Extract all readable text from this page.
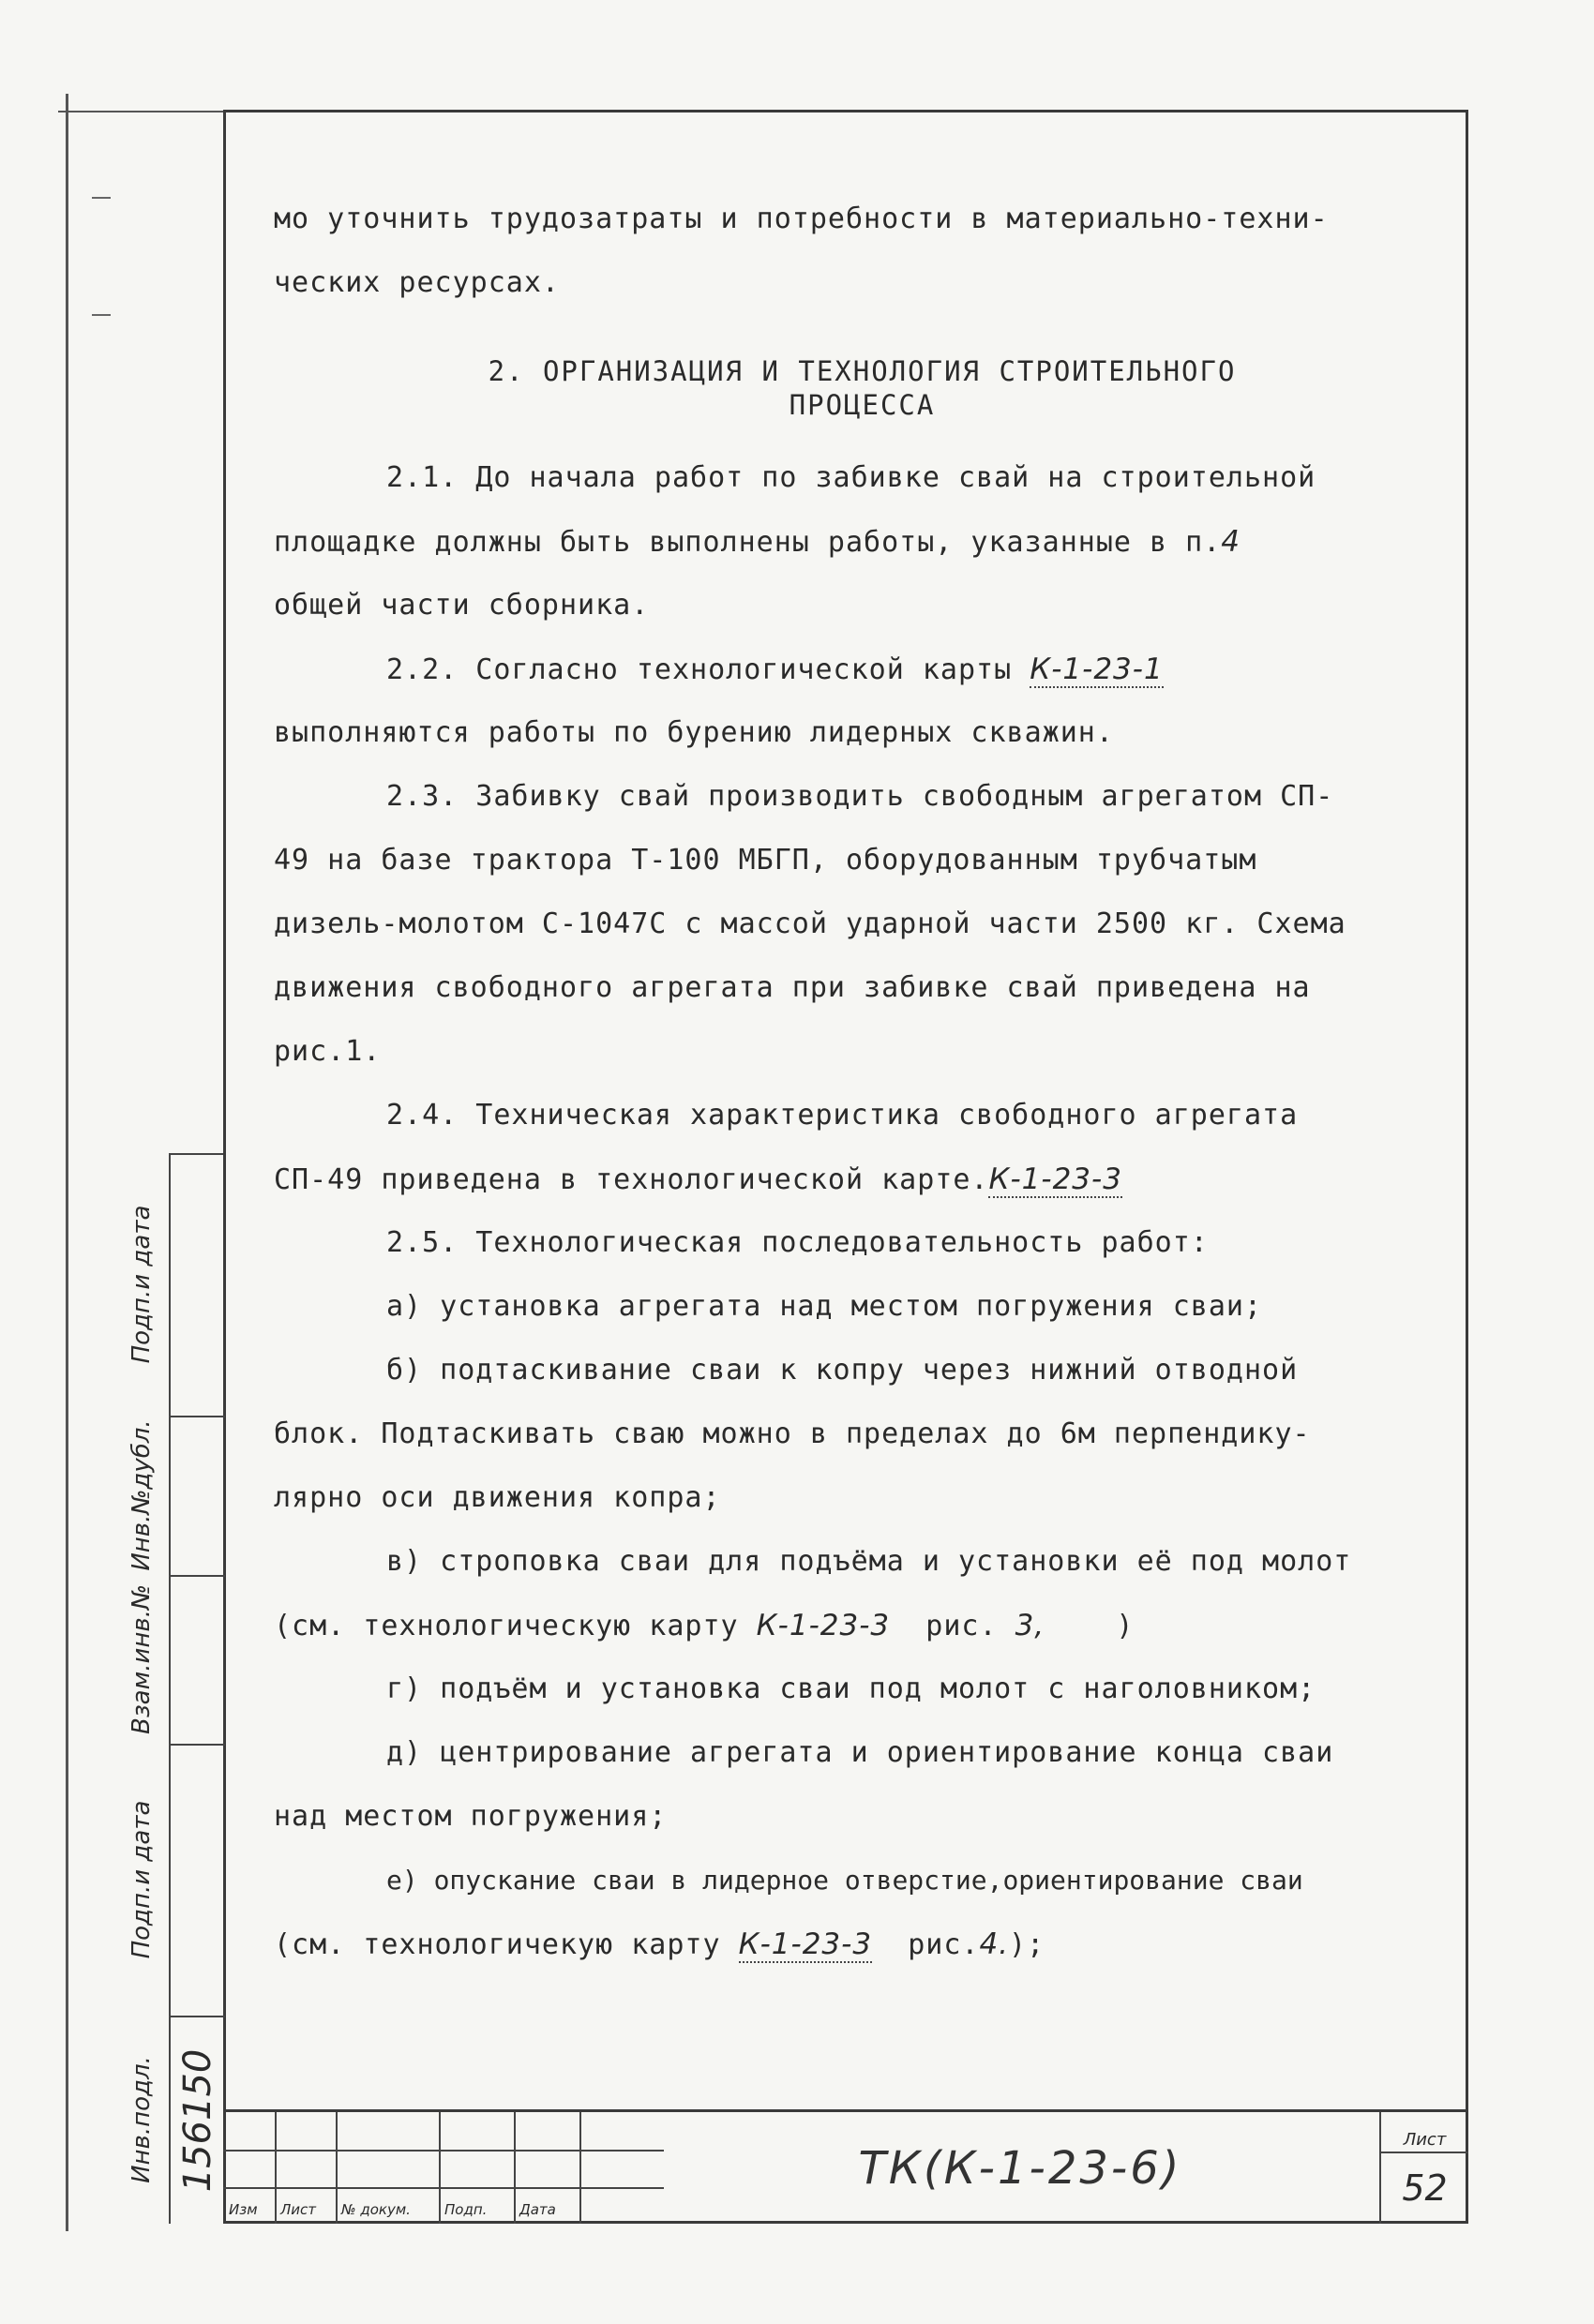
мо уточнить трудозатраты и потребности в материально-техни-
ческих ресурсах.
2. ОРГАНИЗАЦИЯ И ТЕХНОЛОГИЯ СТРОИТЕЛЬНОГО
ПРОЦЕССА
2.1. До начала работ по забивке свай на строительной
площадке должны быть выполнены работы, указанные в п.4
общей части сборника.
2.2. Согласно технологической карты К-1-23-1
выполняются работы по бурению лидерных скважин.
2.3. Забивку свай производить свободным агрегатом СП-
49 на базе трактора Т-100 МБГП, оборудованным трубчатым
дизель-молотом С-1047С с массой ударной части 2500 кг. Схема
движения свободного агрегата при забивке свай приведена на
рис.1.
2.4. Техническая характеристика свободного агрегата
СП-49 приведена в технологической карте.К-1-23-3
2.5. Технологическая последовательность работ:
а) установка агрегата над местом погружения сваи;
б) подтаскивание сваи к копру через нижний отводной
блок. Подтаскивать сваю можно в пределах до 6м перпендику-
лярно оси движения копра;
в) строповка сваи для подъёма и установки её под молот
(см. технологическую карту К-1-23-3 рис. 3,	)
г) подъём и установка сваи под молот с наголовником;
д) центрирование агрегата и ориентирование конца сваи
над местом погружения;
е) опускание сваи в лидерное отверстие,ориентирование сваи
(см. технологичекую карту К-1-23-3 рис.4.);
Подп.и дата
Инв.№дубл.
Взам.инв.№
Подп.и дата
Инв.подл. 156150
Изм Лист № докум. Подп. Дата
ТК(К-1-23-6)
Лист
52
